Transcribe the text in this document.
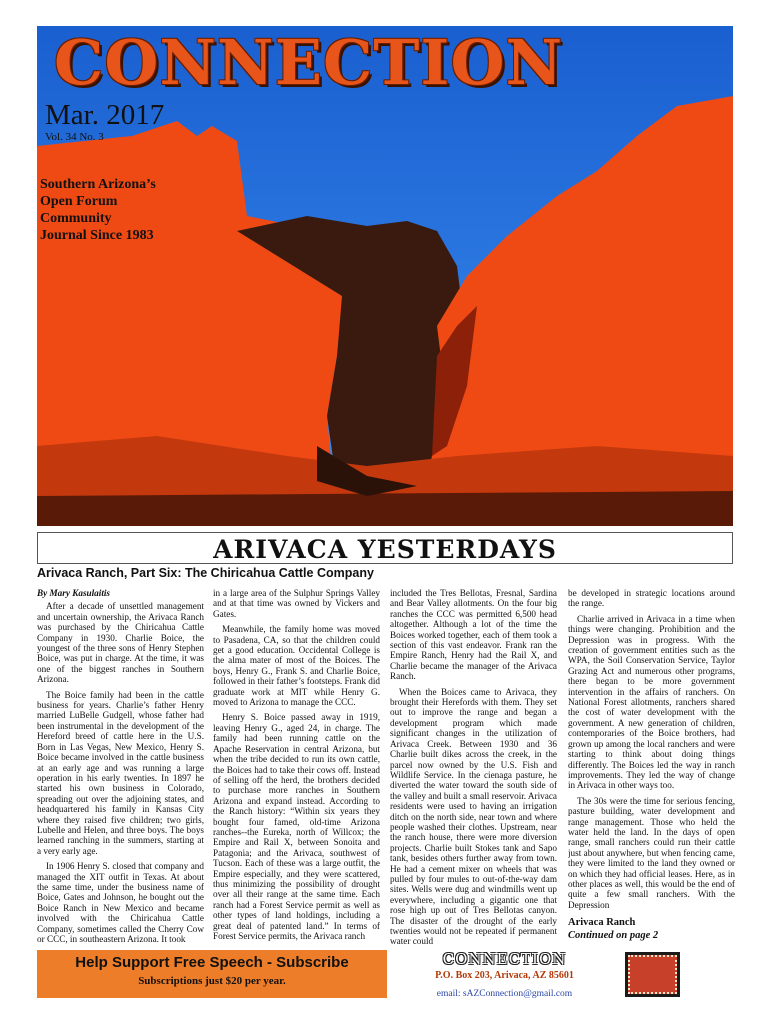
CONNECTION
Mar. 2017
Vol. 34 No. 3
Southern Arizona’s
Open Forum
Community
Journal Since 1983
ARIVACA YESTERDAYS
Arivaca Ranch, Part Six: The Chiricahua Cattle Company
By Mary Kasulaitis

After a decade of unsettled management and uncertain ownership, the Arivaca Ranch was purchased by the Chiricahua Cattle Company in 1930. Charlie Boice, the youngest of the three sons of Henry Stephen Boice, was put in charge. At the time, it was one of the biggest ranches in Southern Arizona.

The Boice family had been in the cattle business for years. Charlie’s father Henry married LuBelle Gudgell, whose father had been instrumental in the development of the Hereford breed of cattle here in the U.S. Born in Las Vegas, New Mexico, Henry S. Boice became involved in the cattle business at an early age and was running a large operation in his early twenties. In 1897 he started his own business in Colorado, spreading out over the adjoining states, and headquartered his family in Kansas City where they raised five children; two girls, Lubelle and Helen, and three boys. The boys learned ranching in the summers, starting at a very early age.

In 1906 Henry S. closed that company and managed the XIT outfit in Texas. At about the same time, under the business name of Boice, Gates and Johnson, he bought out the Boice Ranch in New Mexico and became involved with the Chiricahua Cattle Company, sometimes called the Cherry Cow or CCC, in southeastern Arizona. It took

in a large area of the Sulphur Springs Valley and at that time was owned by Vickers and Gates.

Meanwhile, the family home was moved to Pasadena, CA, so that the children could get a good education. Occidental College is the alma mater of most of the Boices. The boys, Henry G., Frank S. and Charlie Boice, followed in their father’s footsteps. Frank did graduate work at MIT while Henry G. moved to Arizona to manage the CCC.

Henry S. Boice passed away in 1919, leaving Henry G., aged 24, in charge. The family had been running cattle on the Apache Reservation in central Arizona, but when the tribe decided to run its own cattle, the Boices had to take their cows off. Instead of selling off the herd, the brothers decided to purchase more ranches in Southern Arizona and expand instead. According to the Ranch history: “Within six years they bought four famed, old-time Arizona ranches--the Eureka, north of Willcox; the Empire and Rail X, between Sonoita and Patagonia; and the Arivaca, southwest of Tucson. Each of these was a large outfit, the Empire especially, and they were scattered, thus minimizing the possibility of drought over all their range at the same time. Each ranch had a Forest Service permit as well as other types of land holdings, including a great deal of patented land.” In terms of Forest Service permits, the Arivaca ranch

included the Tres Bellotas, Fresnal, Sardina and Bear Valley allotments. On the four big ranches the CCC was permitted 6,500 head altogether. Although a lot of the time the Boices worked together, each of them took a section of this vast endeavor. Frank ran the Empire Ranch, Henry had the Rail X, and Charlie became the manager of the Arivaca Ranch.

When the Boices came to Arivaca, they brought their Herefords with them. They set out to improve the range and began a development program which made significant changes in the utilization of Arivaca Creek. Between 1930 and 36 Charlie built dikes across the creek, in the parcel now owned by the U.S. Fish and Wildlife Service. In the cienaga pasture, he diverted the water toward the south side of the valley and built a small reservoir. Arivaca residents were used to having an irrigation ditch on the north side, near town and where people washed their clothes. Upstream, near the ranch house, there were more diversion projects. Charlie built Stokes tank and Sapo tank, besides others further away from town. He had a cement mixer on wheels that was pulled by four mules to out-of-the-way dam sites. Wells were dug and windmills went up everywhere, including a gigantic one that rose high up out of Tres Bellotas canyon. The disaster of the drought of the early twenties would not be repeated if permanent water could

be developed in strategic locations around the range.

Charlie arrived in Arivaca in a time when things were changing. Prohibition and the Depression was in progress. With the creation of government entities such as the WPA, the Soil Conservation Service, Taylor Grazing Act and numerous other programs, there began to be more government intervention in the affairs of ranchers. On National Forest allotments, ranchers shared the cost of water development with the government. A new generation of children, contemporaries of the Boice brothers, had grown up among the local ranchers and were starting to think about doing things differently. The Boices led the way in ranch improvements. They led the way of change in Arivaca in other ways too.

The 30s were the time for serious fencing, pasture building, water development and range management. Those who held the water held the land. In the days of open range, small ranchers could run their cattle just about anywhere, but when fencing came, they were limited to the land they owned or on which they had official leases. Here, as in other places as well, this would be the end of quite a few small ranchers. With the Depression

Arivaca Ranch
Continued on page 2
Help Support Free Speech - Subscribe
Subscriptions just $20 per year.
CONNECTION
P.O. Box 203, Arivaca, AZ 85601
email: sAZConnection@gmail.com
